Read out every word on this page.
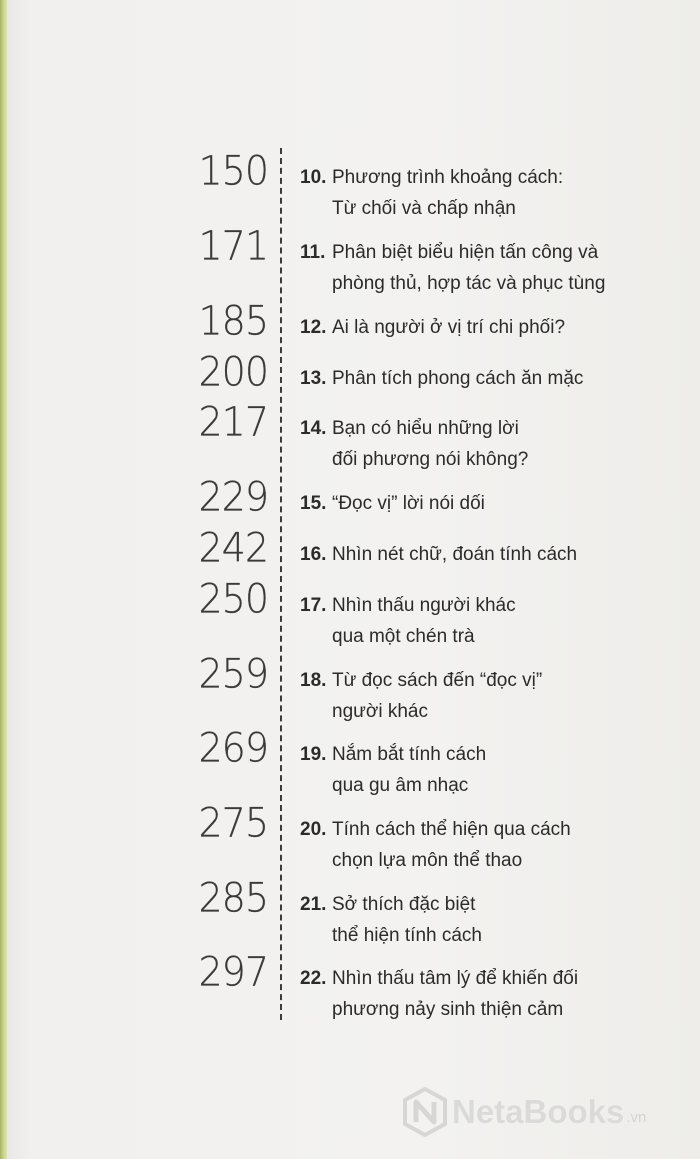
150 10. Phương trình khoảng cách:
Từ chối và chấp nhận
171 11. Phân biệt biểu hiện tấn công và
phòng thủ, hợp tác và phục tùng
185 12. Ai là người ở vị trí chi phối?
200 13. Phân tích phong cách ăn mặc
217 14. Bạn có hiểu những lời
đối phương nói không?
229 15. “Đọc vị” lời nói dối
242 16. Nhìn nét chữ, đoán tính cách
250 17. Nhìn thấu người khác
qua một chén trà
259 18. Từ đọc sách đến “đọc vị”
người khác
269 19. Nắm bắt tính cách
qua gu âm nhạc
275 20. Tính cách thể hiện qua cách
chọn lựa môn thể thao
285 21. Sở thích đặc biệt
thể hiện tính cách
297 22. Nhìn thấu tâm lý để khiến đối
phương nảy sinh thiện cảm
NetaBooks .vn
